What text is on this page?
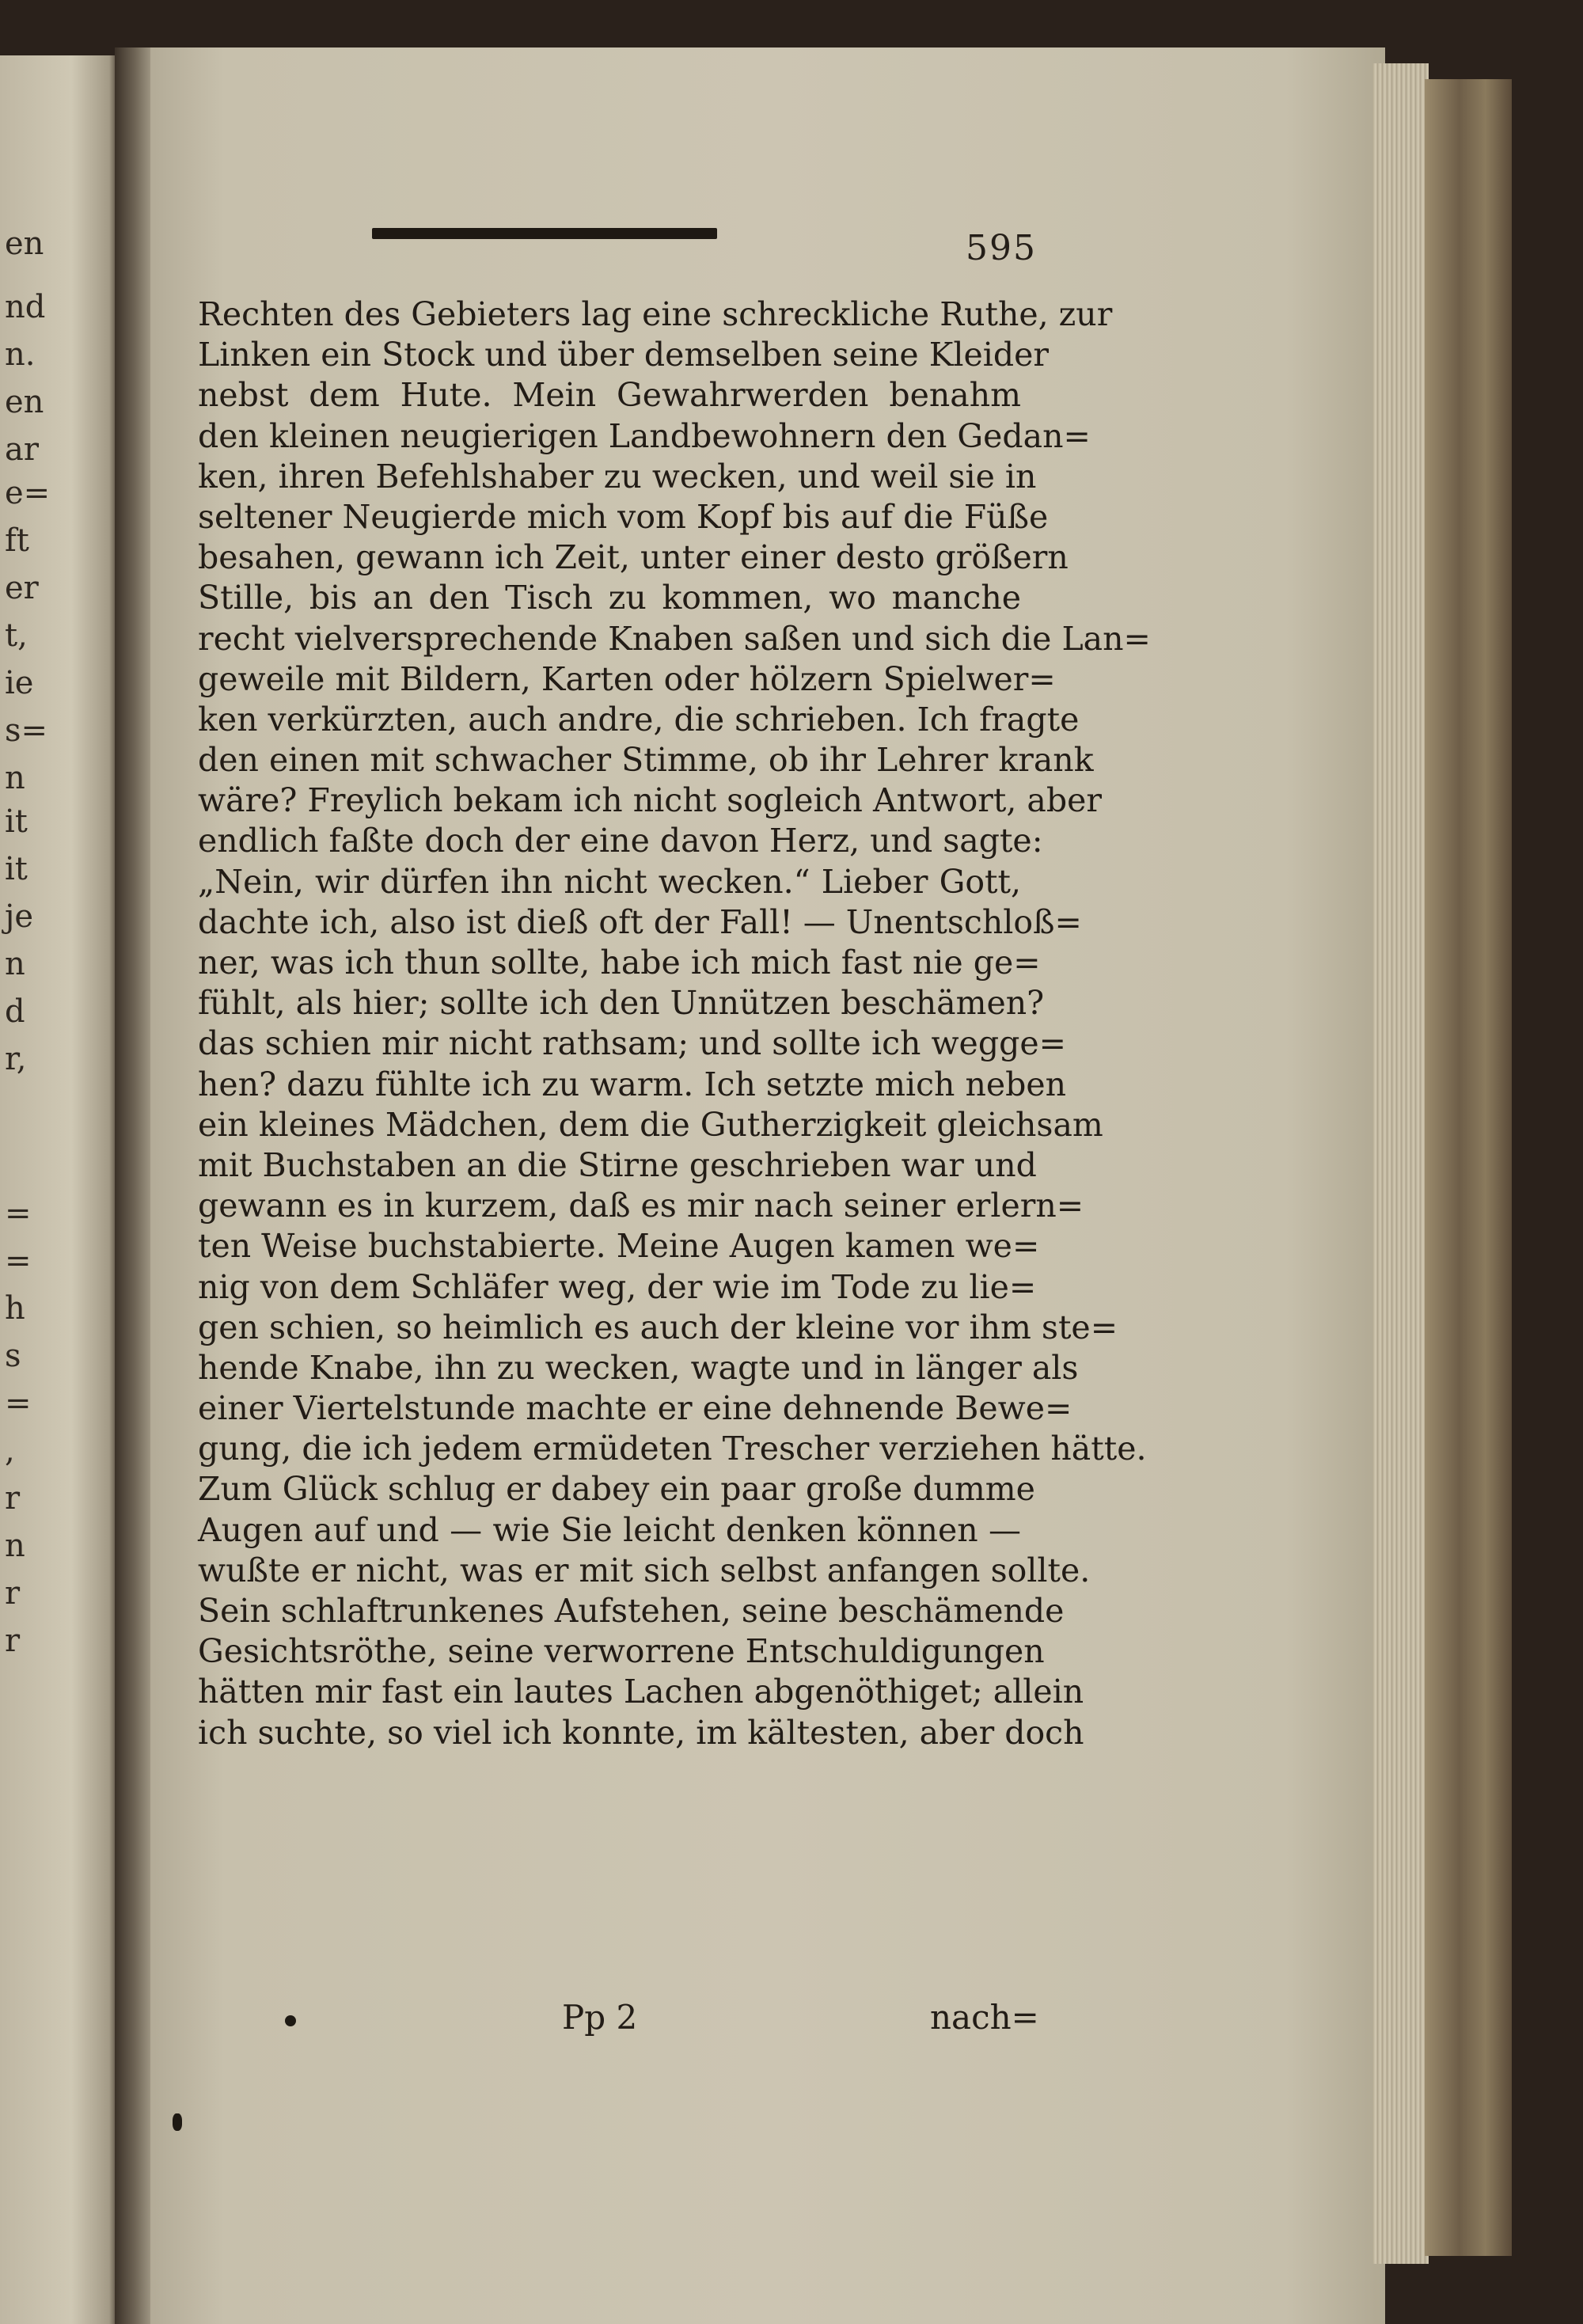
en
nd
n.
en
ar
e=
ft
er
t,
ie
s=
n
it
it
je
n
d
r,
=
=
h
s
=
,
r
n
r
r
595
Rechten des Gebieters lag eine schreckliche Ruthe, zur
Linken ein Stock und über demselben seine Kleider
nebst dem Hute. Mein Gewahrwerden benahm
den kleinen neugierigen Landbewohnern den Gedan=
ken, ihren Befehlshaber zu wecken, und weil sie in
seltener Neugierde mich vom Kopf bis auf die Füße
besahen, gewann ich Zeit, unter einer desto größern
Stille, bis an den Tisch zu kommen, wo manche
recht vielversprechende Knaben saßen und sich die Lan=
geweile mit Bildern, Karten oder hölzern Spielwer=
ken verkürzten, auch andre, die schrieben. Ich fragte
den einen mit schwacher Stimme, ob ihr Lehrer krank
wäre? Freylich bekam ich nicht sogleich Antwort, aber
endlich faßte doch der eine davon Herz, und sagte:
„Nein, wir dürfen ihn nicht wecken.“ Lieber Gott,
dachte ich, also ist dieß oft der Fall! — Unentschloß=
ner, was ich thun sollte, habe ich mich fast nie ge=
fühlt, als hier; sollte ich den Unnützen beschämen?
das schien mir nicht rathsam; und sollte ich wegge=
hen? dazu fühlte ich zu warm. Ich setzte mich neben
ein kleines Mädchen, dem die Gutherzigkeit gleichsam
mit Buchstaben an die Stirne geschrieben war und
gewann es in kurzem, daß es mir nach seiner erlern=
ten Weise buchstabierte. Meine Augen kamen we=
nig von dem Schläfer weg, der wie im Tode zu lie=
gen schien, so heimlich es auch der kleine vor ihm ste=
hende Knabe, ihn zu wecken, wagte und in länger als
einer Viertelstunde machte er eine dehnende Bewe=
gung, die ich jedem ermüdeten Trescher verziehen hätte.
Zum Glück schlug er dabey ein paar große dumme
Augen auf und — wie Sie leicht denken können —
wußte er nicht, was er mit sich selbst anfangen sollte.
Sein schlaftrunkenes Aufstehen, seine beschämende
Gesichtsröthe, seine verworrene Entschuldigungen
hätten mir fast ein lautes Lachen abgenöthiget; allein
ich suchte, so viel ich konnte, im kältesten, aber doch
Pp 2	nach=
